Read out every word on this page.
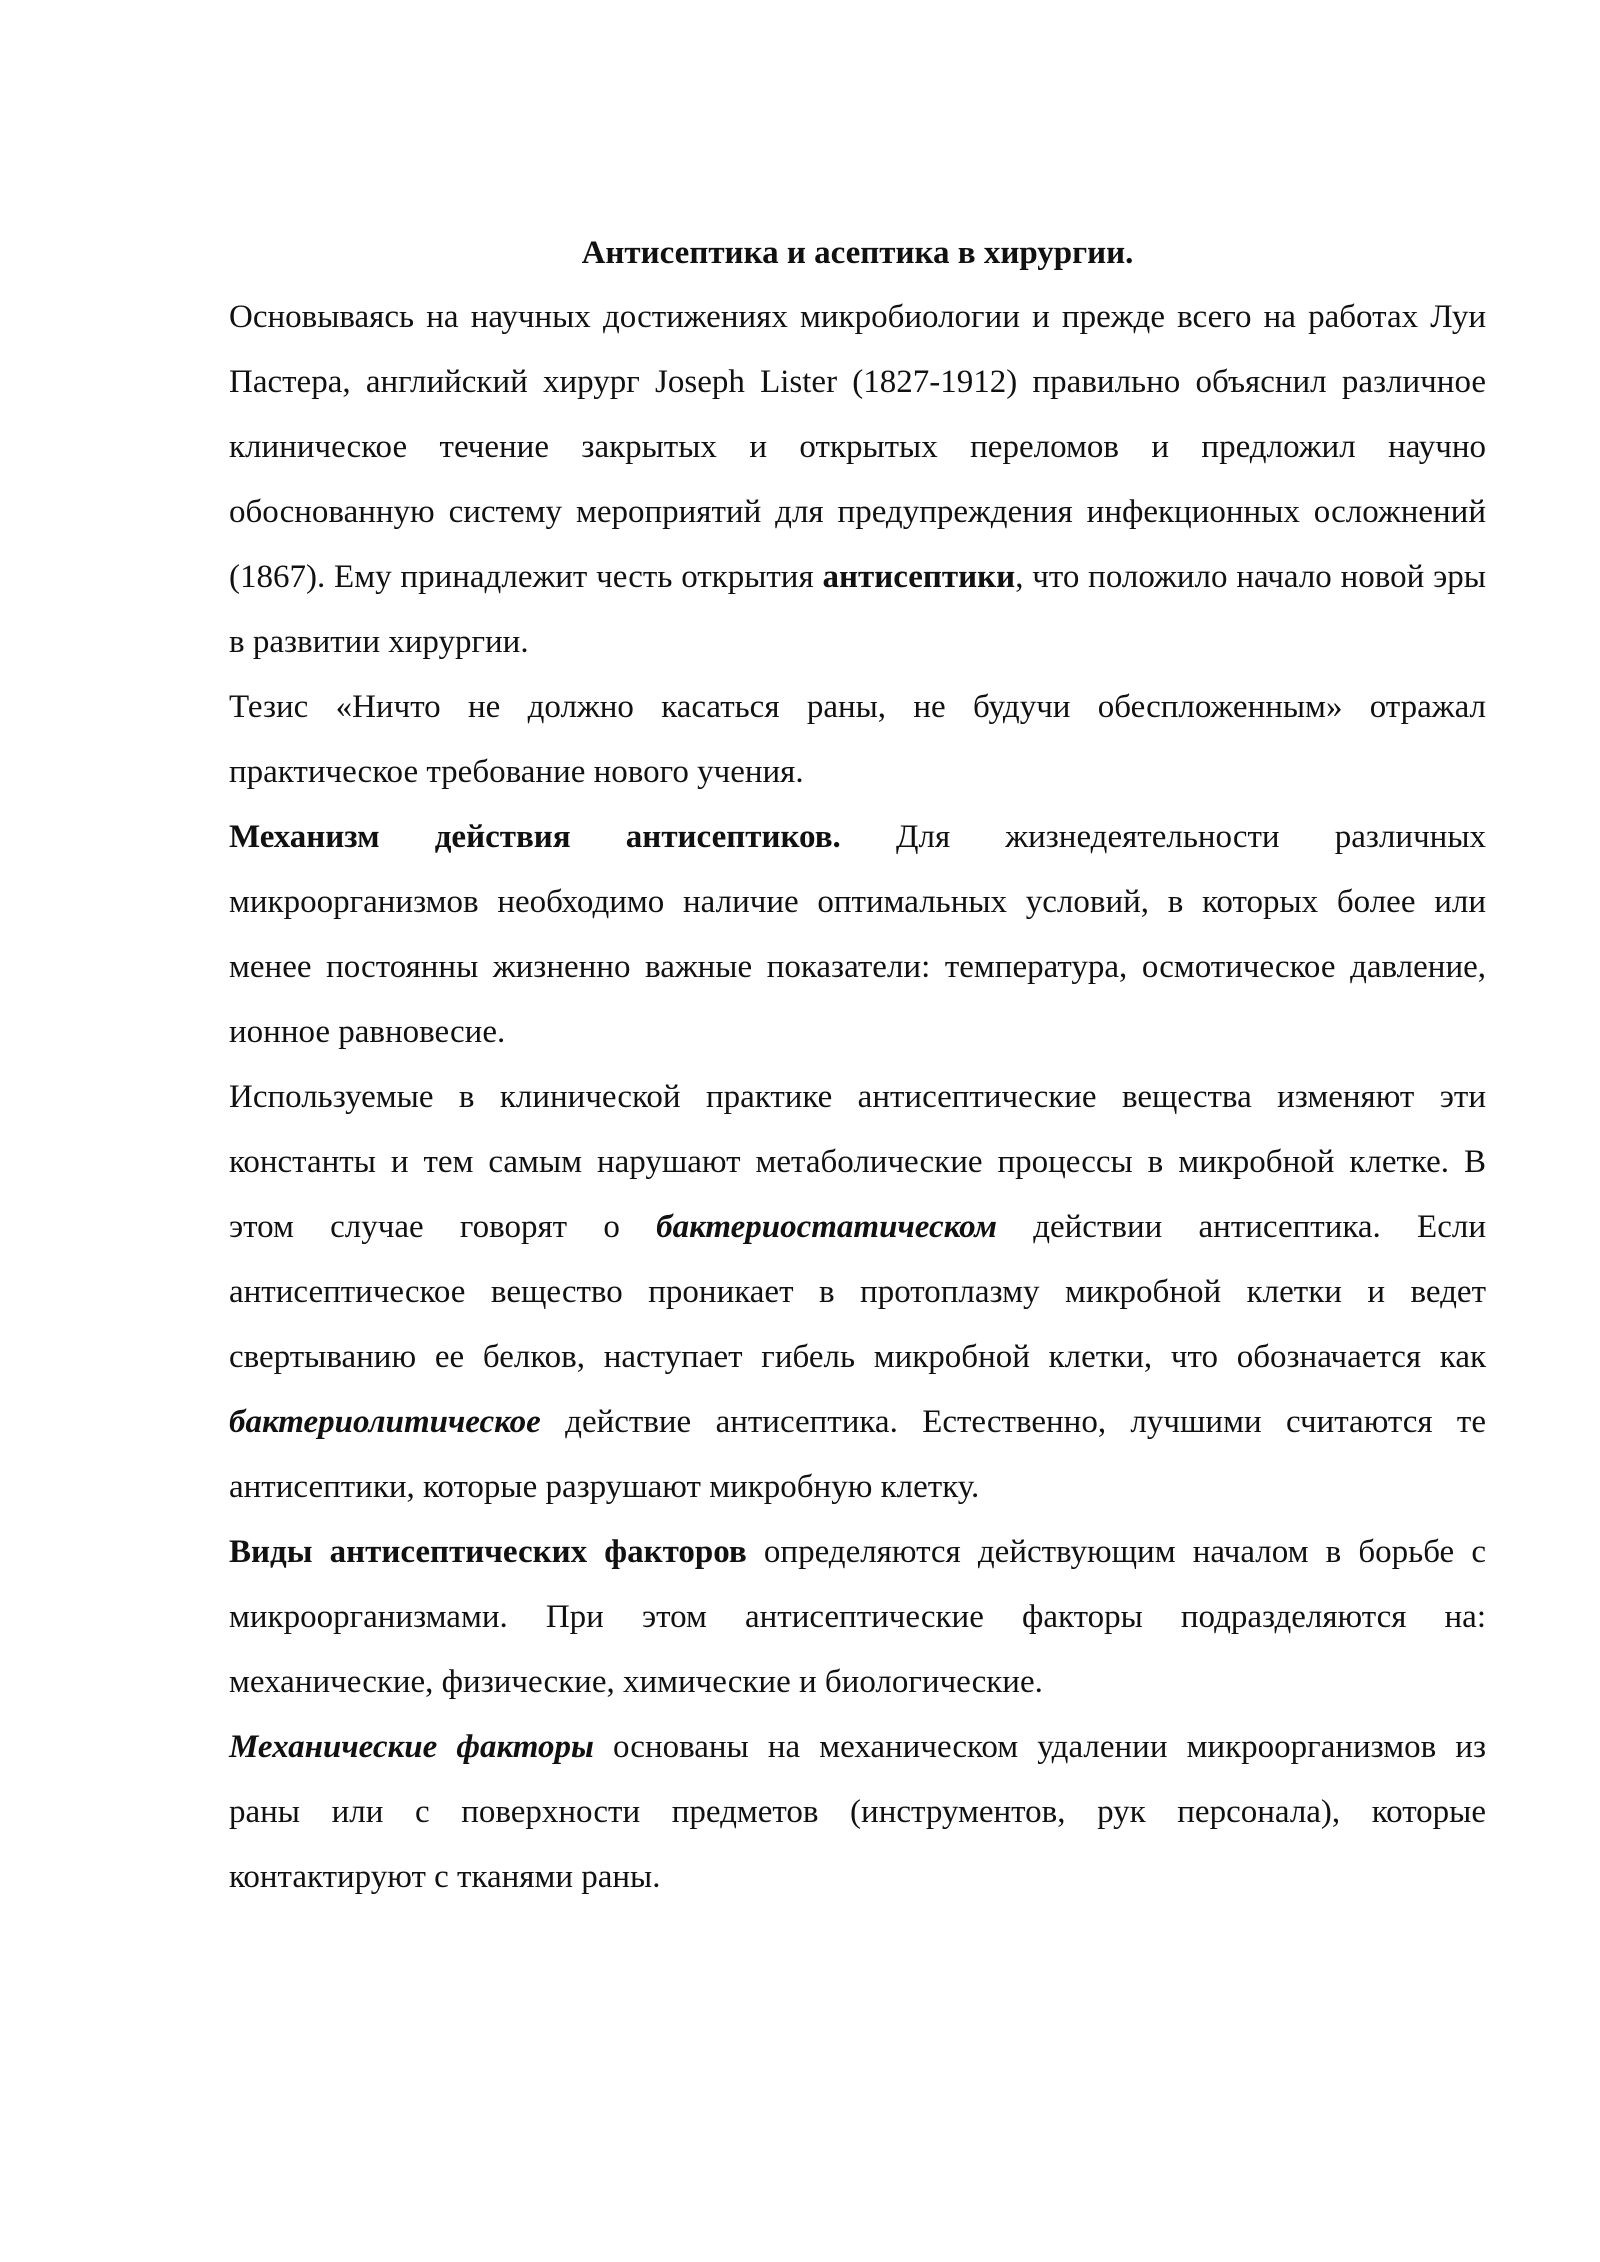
Антисептика и асептика в хирургии.

Основываясь на научных достижениях микробиологии и прежде всего на работах Луи Пастера, английский хирург Joseph Lister (1827-1912) правильно объяснил различное клиническое течение закрытых и открытых переломов и предложил научно обоснованную систему мероприятий для предупреждения инфекционных осложнений (1867). Ему принадлежит честь открытия антисептики, что положило начало новой эры в развитии хирургии.

Тезис «Ничто не должно касаться раны, не будучи обеспложенным» отражал практическое требование нового учения.

Механизм действия антисептиков. Для жизнедеятельности различных микроорганизмов необходимо наличие оптимальных условий, в которых более или менее постоянны жизненно важные показатели: температура, осмотическое давление, ионное равновесие.

Используемые в клинической практике антисептические вещества изменяют эти константы и тем самым нарушают метаболические процессы в микробной клетке. В этом случае говорят о бактериостатическом действии антисептика. Если антисептическое вещество проникает в протоплазму микробной клетки и ведет свертыванию ее белков, наступает гибель микробной клетки, что обозначается как бактериолитическое действие антисептика. Естественно, лучшими считаются те антисептики, которые разрушают микробную клетку.

Виды антисептических факторов определяются действующим началом в борьбе с микроорганизмами. При этом антисептические факторы подразделяются на: механические, физические, химические и биологические.

Механические факторы основаны на механическом удалении микроорганизмов из раны или с поверхности предметов (инструментов, рук персонала), которые контактируют с тканями раны.
